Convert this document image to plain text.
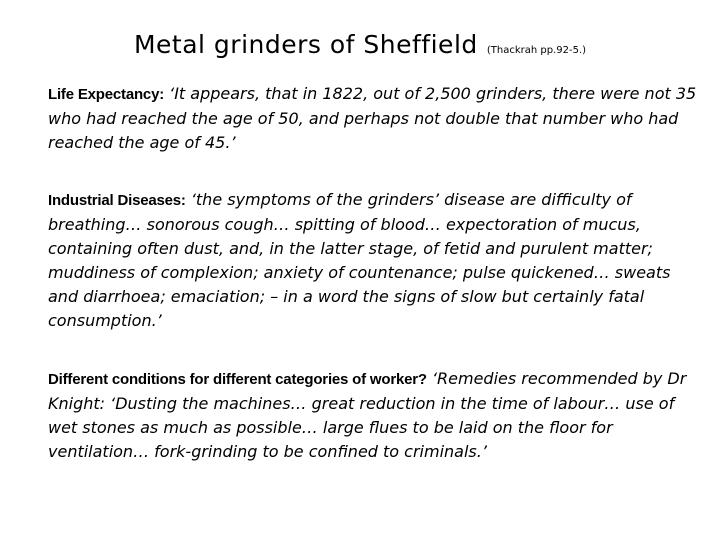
Metal grinders of Sheffield (Thackrah pp.92-5.)
Life Expectancy: ‘It appears, that in 1822, out of 2,500 grinders, there were not 35 who had reached the age of 50, and perhaps not double that number who had reached the age of 45.’
Industrial Diseases: ‘the symptoms of the grinders’ disease are difficulty of breathing… sonorous cough… spitting of blood… expectoration of mucus, containing often dust, and, in the latter stage, of fetid and purulent matter; muddiness of complexion; anxiety of countenance; pulse quickened… sweats and diarrhoea; emaciation; – in a word the signs of slow but certainly fatal consumption.’
Different conditions for different categories of worker? ‘Remedies recommended by Dr Knight: ‘Dusting the machines… great reduction in the time of labour… use of wet stones as much as possible… large flues to be laid on the floor for ventilation… fork-grinding to be confined to criminals.’
